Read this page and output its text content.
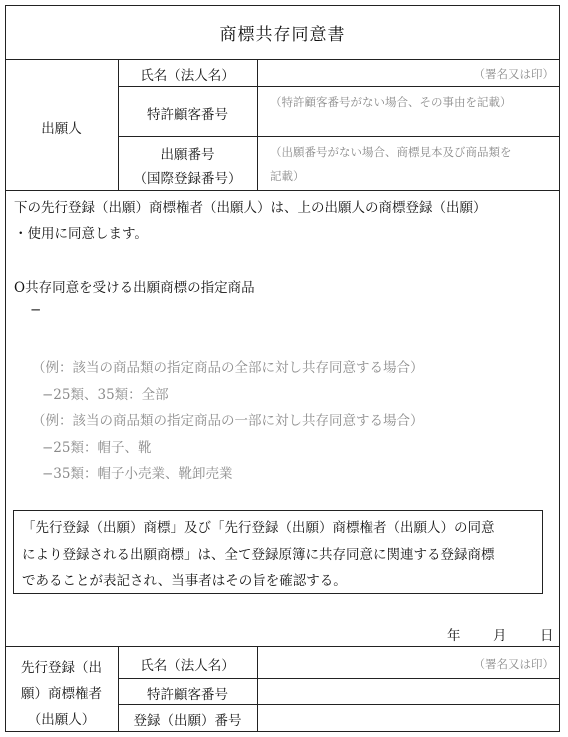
商標共存同意書
出願人
氏名（法人名）	（署名又は印）
特許顧客番号
（特許顧客番号がない場合、その事由を記載）
出願番号
（国際登録番号）
（出願番号がない場合、商標見本及び商品類を
記載）
下の先行登録（出願）商標権者（出願人）は、上の出願人の商標登録（出願）
・使用に同意します。
O共存同意を受ける出願商標の指定商品
−
（例：該当の商品類の指定商品の全部に対し共存同意する場合）
−25類、35類：全部
（例：該当の商品類の指定商品の一部に対し共存同意する場合）
−25類：帽子、靴
−35類：帽子小売業、靴卸売業
「先行登録（出願）商標」及び「先行登録（出願）商標権者（出願人）の同意
により登録される出願商標」は、全て登録原簿に共存同意に関連する登録商標
であることが表記され、当事者はその旨を確認する。
年 月 日
先行登録（出
願）商標権者
（出願人）
氏名（法人名）	（署名又は印）
特許顧客番号
登録（出願）番号
